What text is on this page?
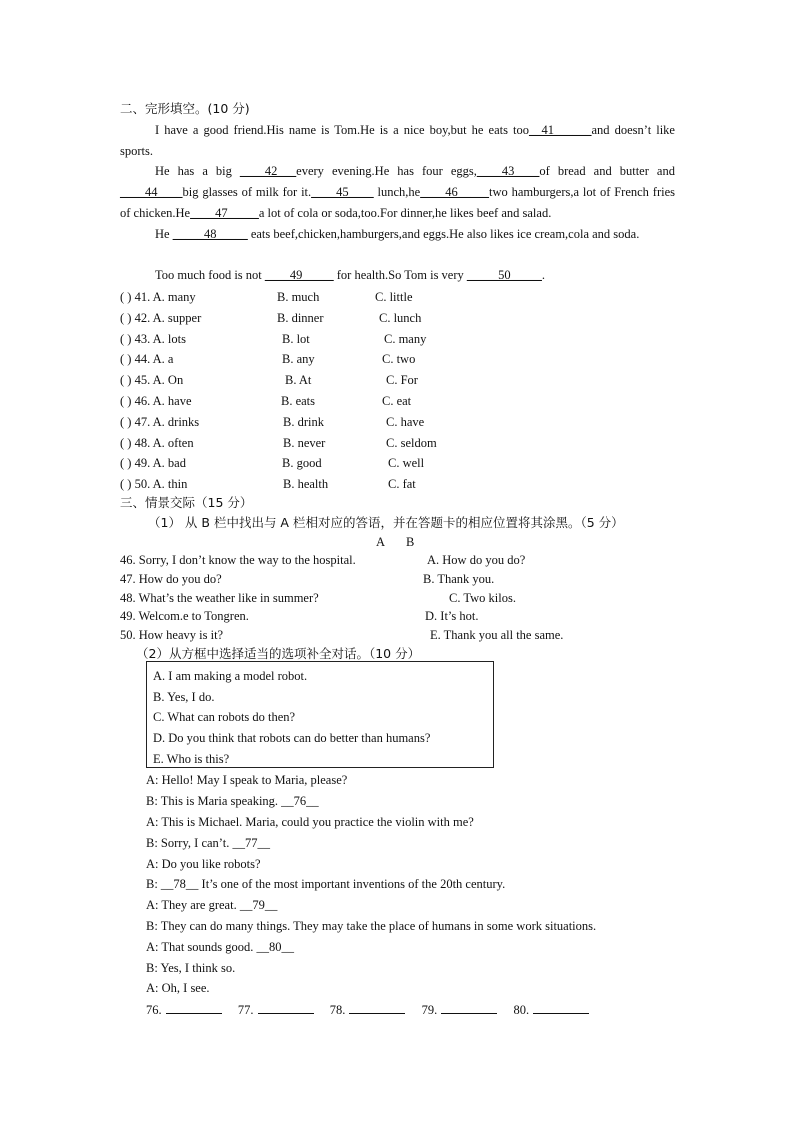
二、完形填空。(10 分)
I have a good friend.His name is Tom.He is a nice boy,but he eats too__41______and doesn’t like sports.
He has a big ____42___every evening.He has four eggs,____43____of bread and butter and ____44____big glasses of milk for it.____45____ lunch,he____46_____two hamburgers,a lot of French fries of chicken.He____47_____a lot of cola or soda,too.For dinner,he likes beef and salad.
He _____48_____ eats beef,chicken,hamburgers,and eggs.He also likes ice cream,cola and soda.
Too much food is not ____49_____ for health.So Tom is very _____50_____.
( ) 41. A. many	B. much	C. little
( ) 42. A. supper	B. dinner	C. lunch
( ) 43. A. lots	B. lot	C. many
( ) 44. A. a	B. any	C. two
( ) 45. A. On	B. At	C. For
( ) 46. A. have	B. eats	C. eat
( ) 47. A. drinks	B. drink	C. have
( ) 48. A. often	B. never	C. seldom
( ) 49. A. bad	B. good	C. well
( ) 50. A. thin	B. health	C. fat
三、情景交际（15 分）
（1） 从 B 栏中找出与 A 栏相对应的答语，并在答题卡的相应位置将其涂黑。（5 分）
A B
46. Sorry, I don’t know the way to the hospital.	A. How do you do?
47. How do you do?	B. Thank you.
48. What’s the weather like in summer?	C. Two kilos.
49. Welcom.e to Tongren.	D. It’s hot.
50. How heavy is it?	E. Thank you all the same.
（2）从方框中选择适当的选项补全对话。（10 分）
A. I am making a model robot.
B. Yes, I do.
C. What can robots do then?
D. Do you think that robots can do better than humans?
E. Who is this?
A: Hello! May I speak to Maria, please?
B: This is Maria speaking. __76__
A: This is Michael. Maria, could you practice the violin with me?
B: Sorry, I can’t. __77__
A: Do you like robots?
B: __78__ It’s one of the most important inventions of the 20th century.
A: They are great. __79__
B: They can do many things. They may take the place of humans in some work situations.
A: That sounds good. __80__
B: Yes, I think so.
A: Oh, I see.
76.	77.	78.	79.	80.
